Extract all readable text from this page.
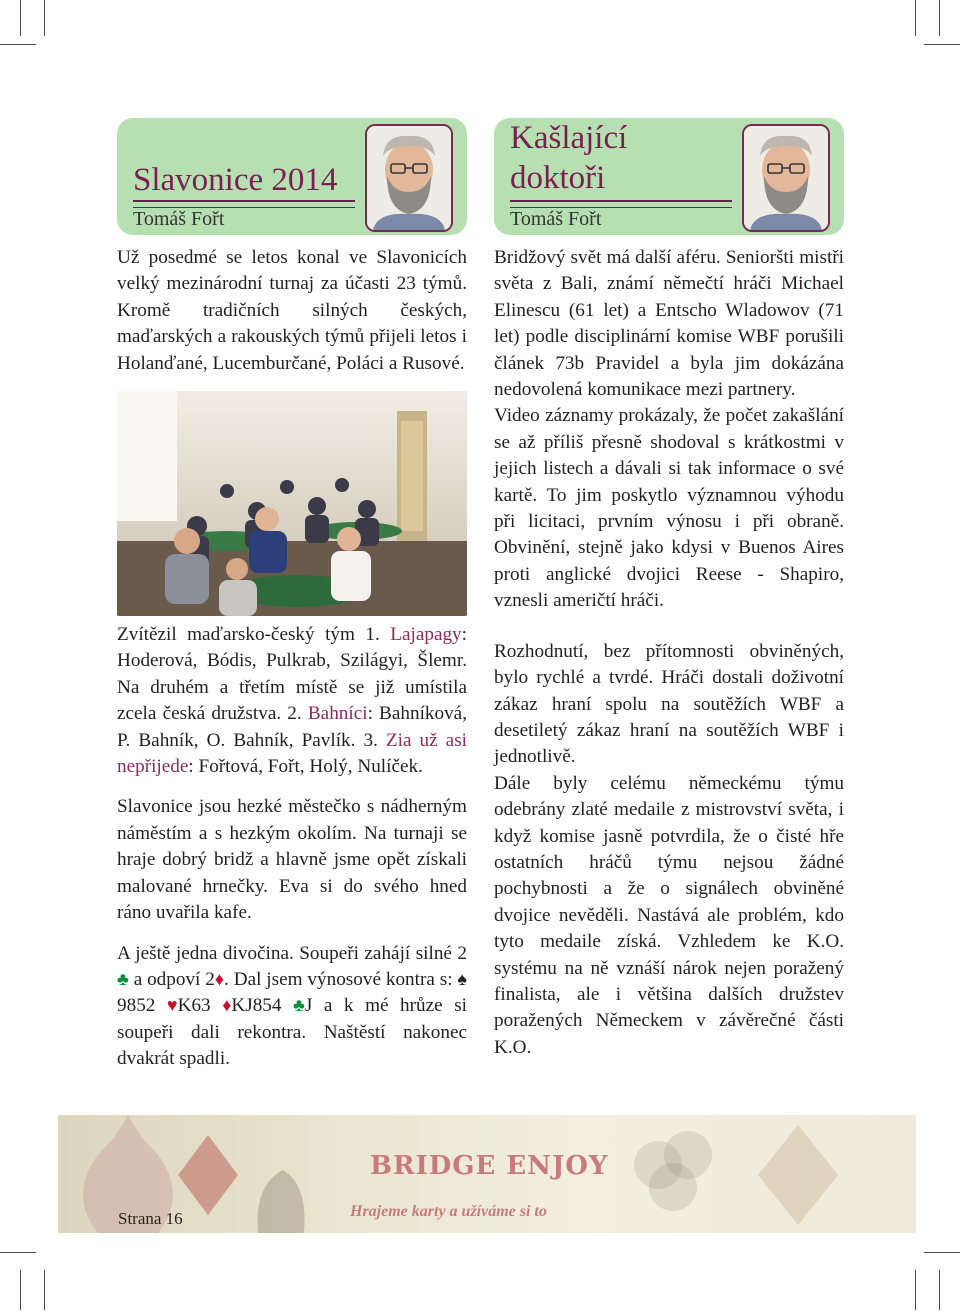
Slavonice 2014
Tomáš Fořt

Už posedmé se letos konal ve Slavonicích velký mezinárodní turnaj za účasti 23 týmů. Kromě tradičních silných českých, maďarských a rakouských týmů přijeli letos i Holanďané, Lucemburčané, Poláci a Rusové.

Zvítězil maďarsko-český tým 1. Lajapagy: Hoderová, Bódis, Pulkrab, Szilágyi, Šlemr. Na druhém a třetím místě se již umístila zcela česká družstva. 2. Bahníci: Bahníková, P. Bahník, O. Bahník, Pavlík. 3. Zia už asi nepřijede: Fořtová, Fořt, Holý, Nulíček.

Slavonice jsou hezké městečko s nádherným náměstím a s hezkým okolím. Na turnaji se hraje dobrý bridž a hlavně jsme opět získali malované hrnečky. Eva si do svého hned ráno uvařila kafe.

A ještě jedna divočina. Soupeři zahájí silné 2♣ a odpoví 2♦. Dal jsem výnosové kontra s: ♠9852 ♥K63 ♦KJ854 ♣J a k mé hrůze si soupeři dali rekontra. Naštěstí nakonec dvakrát spadli.

Kašlající doktoři
Tomáš Fořt

Bridžový svět má další aféru. Senioršti mistři světa z Bali, známí němečtí hráči Michael Elinescu (61 let) a Entscho Wladowov (71 let) podle disciplinární komise WBF porušili článek 73b Pravidel a byla jim dokázána nedovolená komunikace mezi partnery.

Video záznamy prokázaly, že počet zakašlání se až příliš přesně shodoval s krátkostmi v jejich listech a dávali si tak informace o své kartě. To jim poskytlo významnou výhodu při licitaci, prvním výnosu i při obraně. Obvinění, stejně jako kdysi v Buenos Aires proti anglické dvojici Reese - Shapiro, vznesli američtí hráči.

Rozhodnutí, bez přítomnosti obviněných, bylo rychlé a tvrdé. Hráči dostali doživotní zákaz hraní spolu na soutěžích WBF a desetiletý zákaz hraní na soutěžích WBF i jednotlivě.

Dále byly celému německému týmu odebrány zlaté medaile z mistrovství světa, i když komise jasně potvrdila, že o čisté hře ostatních hráčů týmu nejsou žádné pochybnosti a že o signálech obviněné dvojice nevěděli. Nastává ale problém, kdo tyto medaile získá. Vzhledem ke K.O. systému na ně vznáší nárok nejen poražený finalista, ale i většina dalších družstev poražených Německem v závěrečné části K.O.

BRIDGE ENJOY
Hrajeme karty a užíváme si to
Strana 16
